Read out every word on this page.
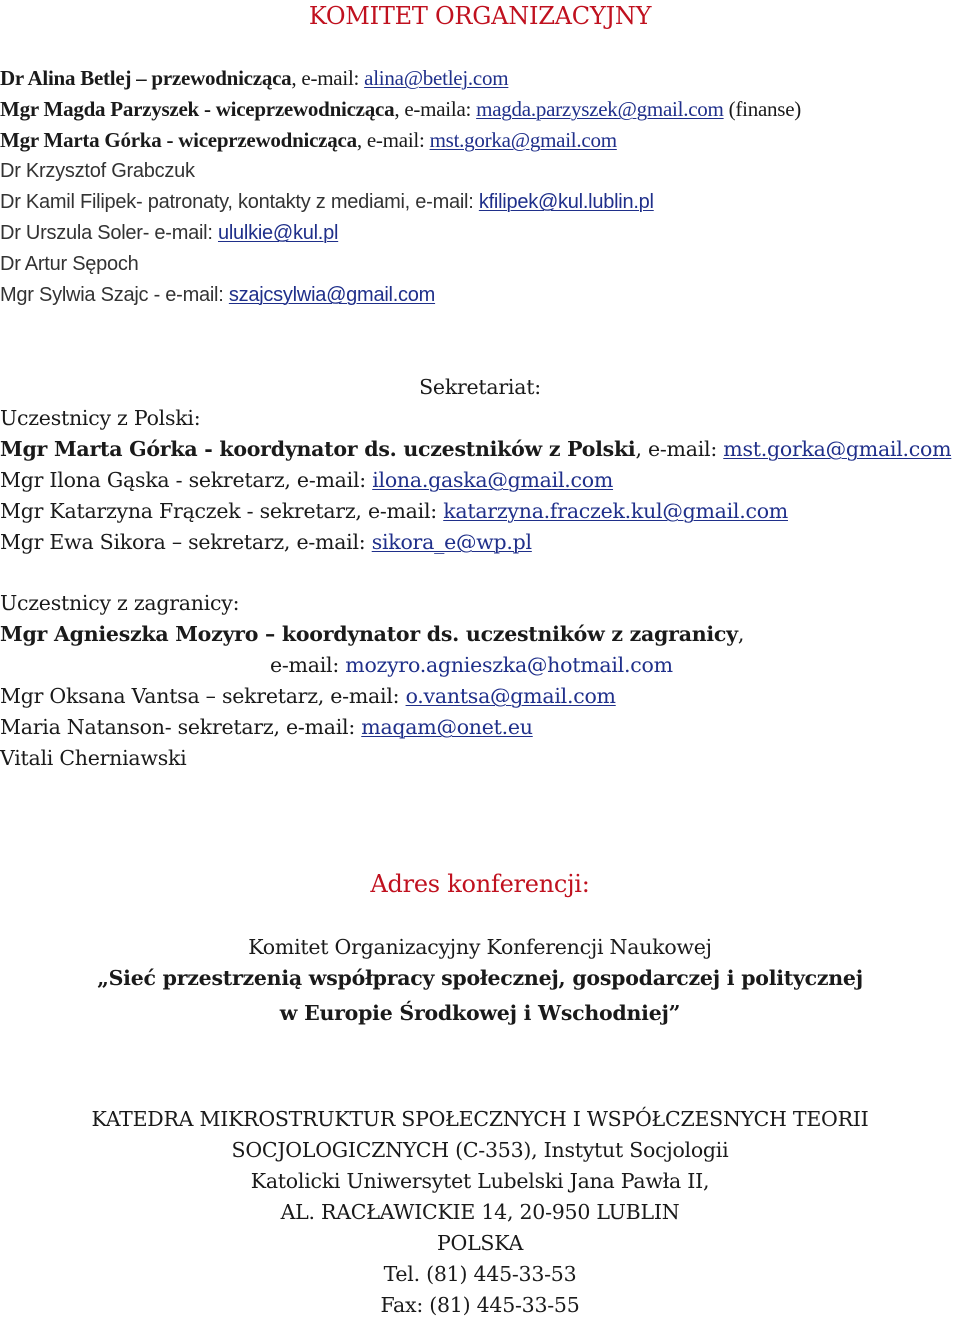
KOMITET ORGANIZACYJNY
Dr Alina Betlej – przewodnicząca, e-mail: alina@betlej.com
Mgr Magda Parzyszek - wiceprzewodnicząca, e-maila: magda.parzyszek@gmail.com (finanse)
Mgr Marta Górka - wiceprzewodnicząca, e-mail: mst.gorka@gmail.com
Dr Krzysztof Grabczuk
Dr Kamil Filipek- patronaty, kontakty z mediami, e-mail: kfilipek@kul.lublin.pl
Dr Urszula Soler- e-mail: ululkie@kul.pl
Dr Artur Sępoch
Mgr Sylwia Szajc - e-mail: szajcsylwia@gmail.com
Sekretariat:
Uczestnicy z Polski:
Mgr Marta Górka - koordynator ds. uczestników z Polski, e-mail: mst.gorka@gmail.com
Mgr Ilona Gąska - sekretarz, e-mail: ilona.gaska@gmail.com
Mgr Katarzyna Frączek - sekretarz, e-mail: katarzyna.fraczek.kul@gmail.com
Mgr Ewa Sikora – sekretarz, e-mail: sikora_e@wp.pl
Uczestnicy z zagranicy:
Mgr Agnieszka Mozyro – koordynator ds. uczestników z zagranicy,
e-mail: mozyro.agnieszka@hotmail.com
Mgr Oksana Vantsa – sekretarz, e-mail: o.vantsa@gmail.com
Maria Natanson- sekretarz, e-mail: maqam@onet.eu
Vitali Cherniawski
Adres konferencji:
Komitet Organizacyjny Konferencji Naukowej
„Sieć przestrzenią współpracy społecznej, gospodarczej i politycznej
w Europie Środkowej i Wschodniej”
KATEDRA MIKROSTRUKTUR SPOŁECZNYCH I WSPÓŁCZESNYCH TEORII
SOCJOLOGICZNYCH (C-353), Instytut Socjologii
Katolicki Uniwersytet Lubelski Jana Pawła II,
AL. RACŁAWICKIE 14, 20-950 LUBLIN
POLSKA
Tel. (81) 445-33-53
Fax: (81) 445-33-55
